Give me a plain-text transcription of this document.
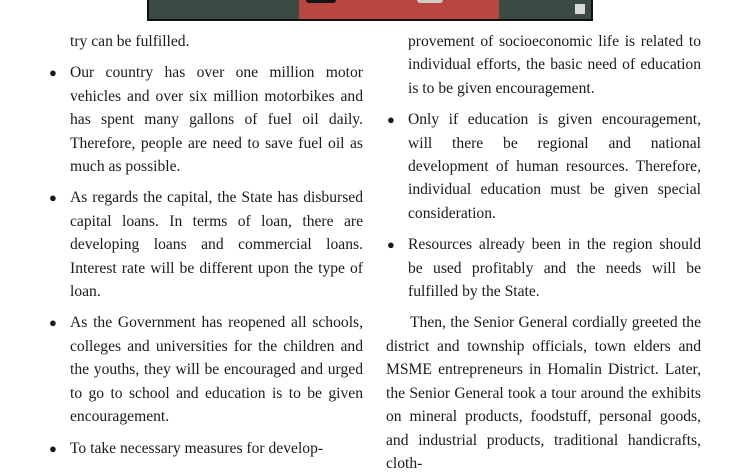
try can be fulfilled.

● Our country has over one million motor vehicles and over six million motorbikes and has spent many gallons of fuel oil daily. Therefore, people are need to save fuel oil as much as possible.
● As regards the capital, the State has disbursed capital loans. In terms of loan, there are developing loans and commercial loans. Interest rate will be different upon the type of loan.
● As the Government has reopened all schools, colleges and universities for the children and the youths, they will be encouraged and urged to go to school and education is to be given encouragement.
● To take necessary measures for develop-

provement of socioeconomic life is related to individual efforts, the basic need of education is to be given encouragement.

● Only if education is given encouragement, will there be regional and national development of human resources. Therefore, individual education must be given special consideration.
● Resources already been in the region should be used profitably and the needs will be fulfilled by the State.

Then, the Senior General cordially greeted the district and township officials, town elders and MSME entrepreneurs in Homalin District. Later, the Senior General took a tour around the exhibits on mineral products, foodstuff, personal goods, and industrial products, traditional handicrafts, cloth-
